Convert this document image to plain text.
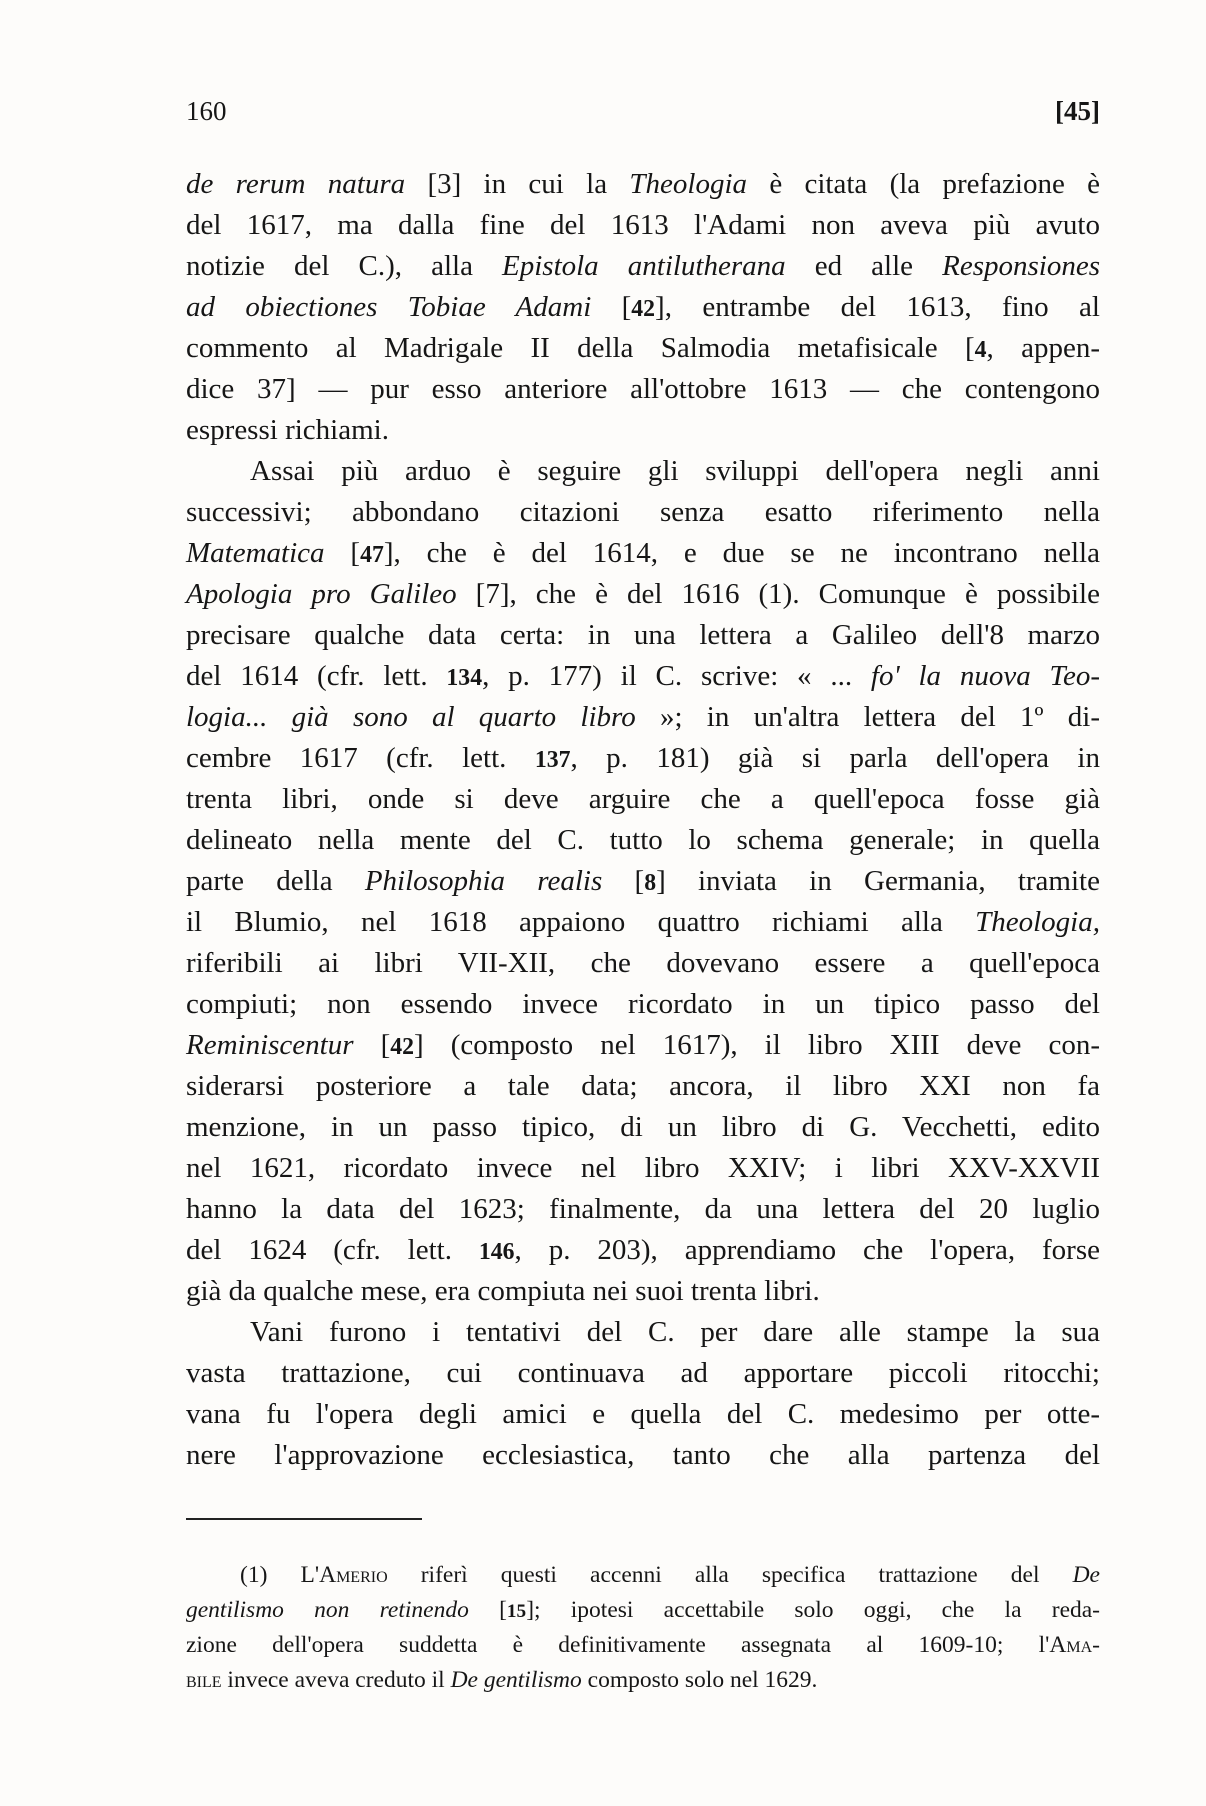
160	[45]
de rerum natura [3] in cui la Theologia è citata (la prefazione è
del 1617, ma dalla fine del 1613 l'Adami non aveva più avuto
notizie del C.), alla Epistola antilutherana ed alle Responsiones
ad obiectiones Tobiae Adami [42], entrambe del 1613, fino al
commento al Madrigale II della Salmodia metafisicale [4, appen-
dice 37] — pur esso anteriore all'ottobre 1613 — che contengono
espressi richiami.
Assai più arduo è seguire gli sviluppi dell'opera negli anni
successivi; abbondano citazioni senza esatto riferimento nella
Matematica [47], che è del 1614, e due se ne incontrano nella
Apologia pro Galileo [7], che è del 1616 (1). Comunque è possibile
precisare qualche data certa: in una lettera a Galileo dell'8 marzo
del 1614 (cfr. lett. 134, p. 177) il C. scrive: « ... fo' la nuova Teo-
logia... già sono al quarto libro »; in un'altra lettera del 1º di-
cembre 1617 (cfr. lett. 137, p. 181) già si parla dell'opera in
trenta libri, onde si deve arguire che a quell'epoca fosse già
delineato nella mente del C. tutto lo schema generale; in quella
parte della Philosophia realis [8] inviata in Germania, tramite
il Blumio, nel 1618 appaiono quattro richiami alla Theologia,
riferibili ai libri VII-XII, che dovevano essere a quell'epoca
compiuti; non essendo invece ricordato in un tipico passo del
Reminiscentur [42] (composto nel 1617), il libro XIII deve con-
siderarsi posteriore a tale data; ancora, il libro XXI non fa
menzione, in un passo tipico, di un libro di G. Vecchetti, edito
nel 1621, ricordato invece nel libro XXIV; i libri XXV-XXVII
hanno la data del 1623; finalmente, da una lettera del 20 luglio
del 1624 (cfr. lett. 146, p. 203), apprendiamo che l'opera, forse
già da qualche mese, era compiuta nei suoi trenta libri.
Vani furono i tentativi del C. per dare alle stampe la sua
vasta trattazione, cui continuava ad apportare piccoli ritocchi;
vana fu l'opera degli amici e quella del C. medesimo per otte-
nere l'approvazione ecclesiastica, tanto che alla partenza del
(1) L'Amerio riferì questi accenni alla specifica trattazione del De
gentilismo non retinendo [15]; ipotesi accettabile solo oggi, che la reda-
zione dell'opera suddetta è definitivamente assegnata al 1609-10; l'Ama-
bile invece aveva creduto il De gentilismo composto solo nel 1629.
